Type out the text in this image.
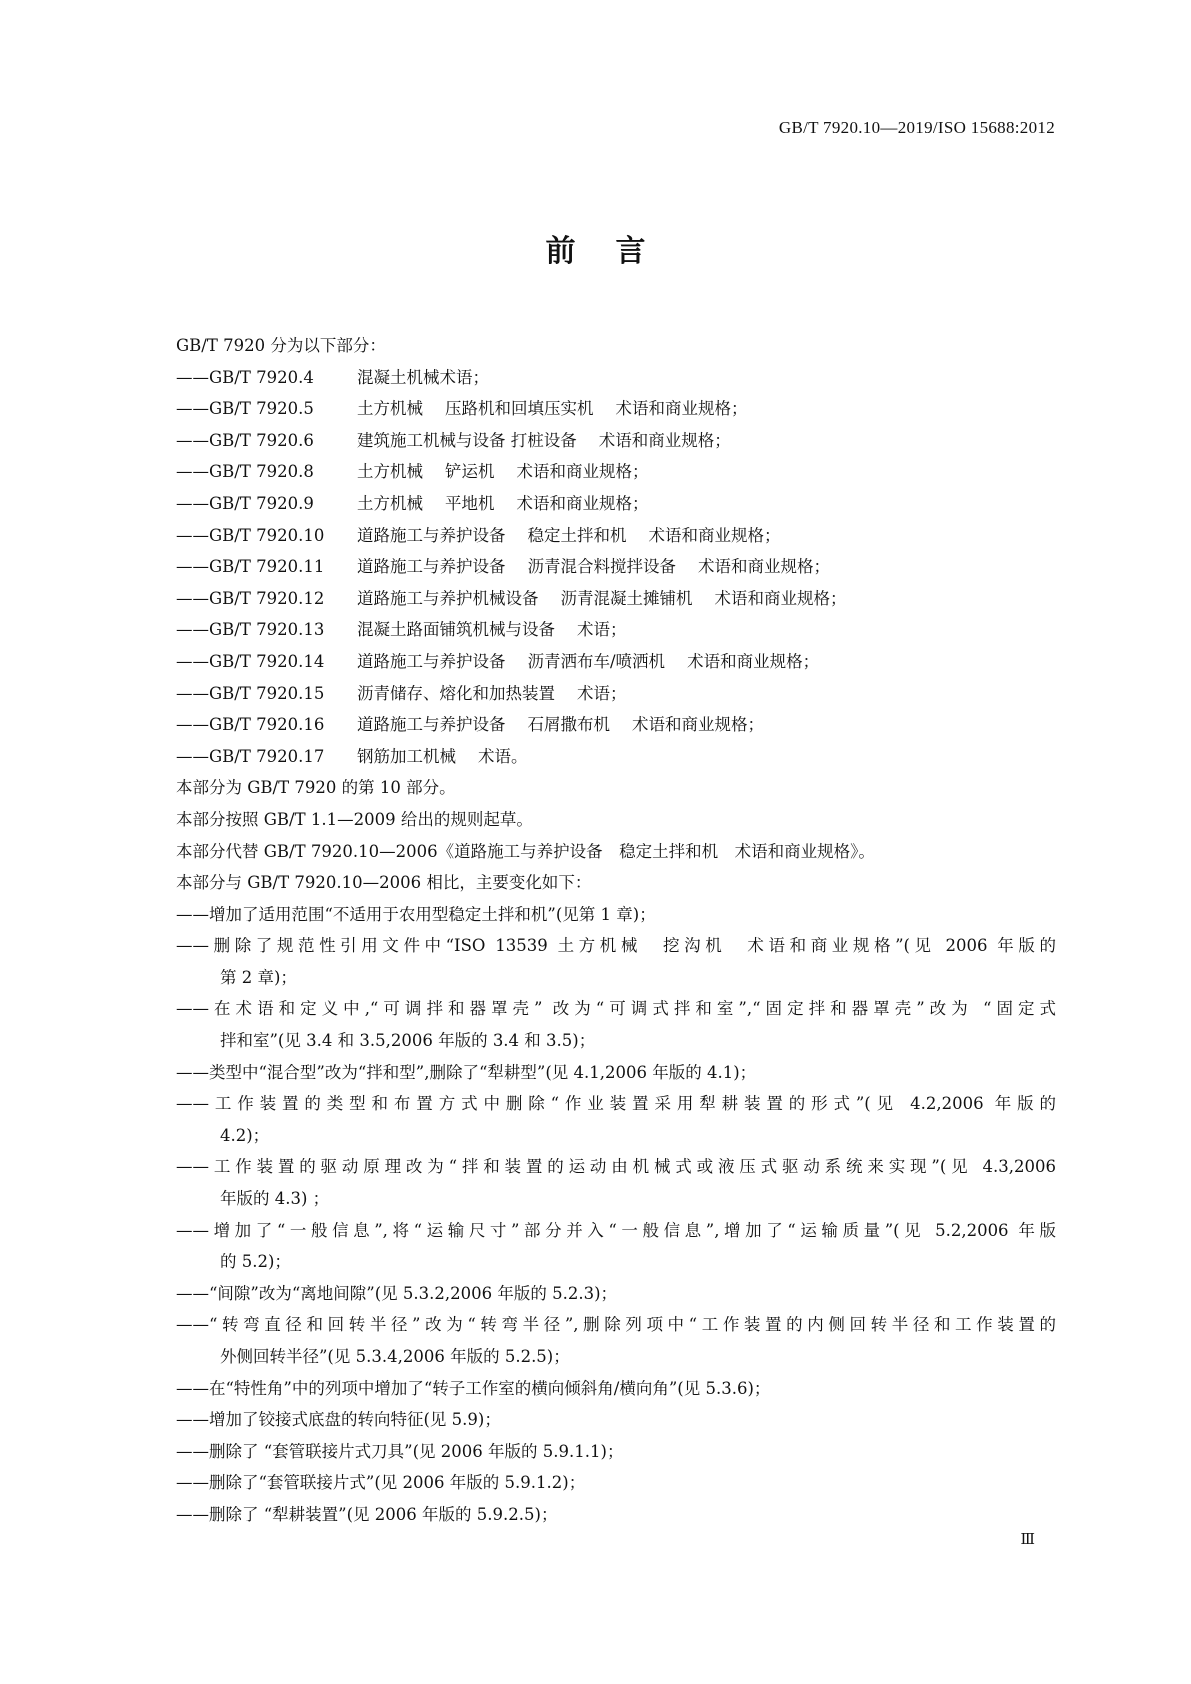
GB/T 7920.10—2019/ISO 15688:2012
前言
GB/T 7920 分为以下部分：
——GB/T 7920.4	混凝土机械术语；
——GB/T 7920.5	土方机械 压路机和回填压实机 术语和商业规格；
——GB/T 7920.6	建筑施工机械与设备 打桩设备 术语和商业规格；
——GB/T 7920.8	土方机械 铲运机 术语和商业规格；
——GB/T 7920.9	土方机械 平地机 术语和商业规格；
——GB/T 7920.10 道路施工与养护设备 稳定土拌和机 术语和商业规格；
——GB/T 7920.11 道路施工与养护设备 沥青混合料搅拌设备 术语和商业规格；
——GB/T 7920.12 道路施工与养护机械设备 沥青混凝土摊铺机 术语和商业规格；
——GB/T 7920.13 混凝土路面铺筑机械与设备 术语；
——GB/T 7920.14 道路施工与养护设备 沥青洒布车/喷洒机 术语和商业规格；
——GB/T 7920.15 沥青储存、熔化和加热装置 术语；
——GB/T 7920.16 道路施工与养护设备 石屑撒布机 术语和商业规格；
——GB/T 7920.17 钢筋加工机械 术语。
本部分为 GB/T 7920 的第 10 部分。
本部分按照 GB/T 1.1—2009 给出的规则起草。
本部分代替 GB/T 7920.10—2006《道路施工与养护设备　稳定土拌和机　术语和商业规格》。
本部分与 GB/T 7920.10—2006 相比，主要变化如下：
——增加了适用范围“不适用于农用型稳定土拌和机”(见第 1 章)；
——删除了规范性引用文件中“ISO 13539 土方机械　挖沟机　术语和商业规格”(见 2006 年版的
第 2 章)；
——在术语和定义中,“可调拌和器罩壳” 改为“可调式拌和室”,“固定拌和器罩壳”改为 “固定式
拌和室”(见 3.4 和 3.5,2006 年版的 3.4 和 3.5)；
——类型中“混合型”改为“拌和型”,删除了“犁耕型”(见 4.1,2006 年版的 4.1)；
——工作装置的类型和布置方式中删除“作业装置采用犁耕装置的形式”(见 4.2,2006 年版的
4.2)；
——工作装置的驱动原理改为“拌和装置的运动由机械式或液压式驱动系统来实现”(见 4.3,2006
年版的 4.3) ；
——增加了“一般信息”,将“运输尺寸”部分并入“一般信息”,增加了“运输质量”(见 5.2,2006 年版
的 5.2)；
——“间隙”改为“离地间隙”(见 5.3.2,2006 年版的 5.2.3)；
——“转弯直径和回转半径”改为“转弯半径”,删除列项中“工作装置的内侧回转半径和工作装置的
外侧回转半径”(见 5.3.4,2006 年版的 5.2.5)；
——在“特性角”中的列项中增加了“转子工作室的横向倾斜角/横向角”(见 5.3.6)；
——增加了铰接式底盘的转向特征(见 5.9)；
——删除了 “套管联接片式刀具”(见 2006 年版的 5.9.1.1)；
——删除了“套管联接片式”(见 2006 年版的 5.9.1.2)；
——删除了 “犁耕装置”(见 2006 年版的 5.9.2.5)；
Ⅲ
